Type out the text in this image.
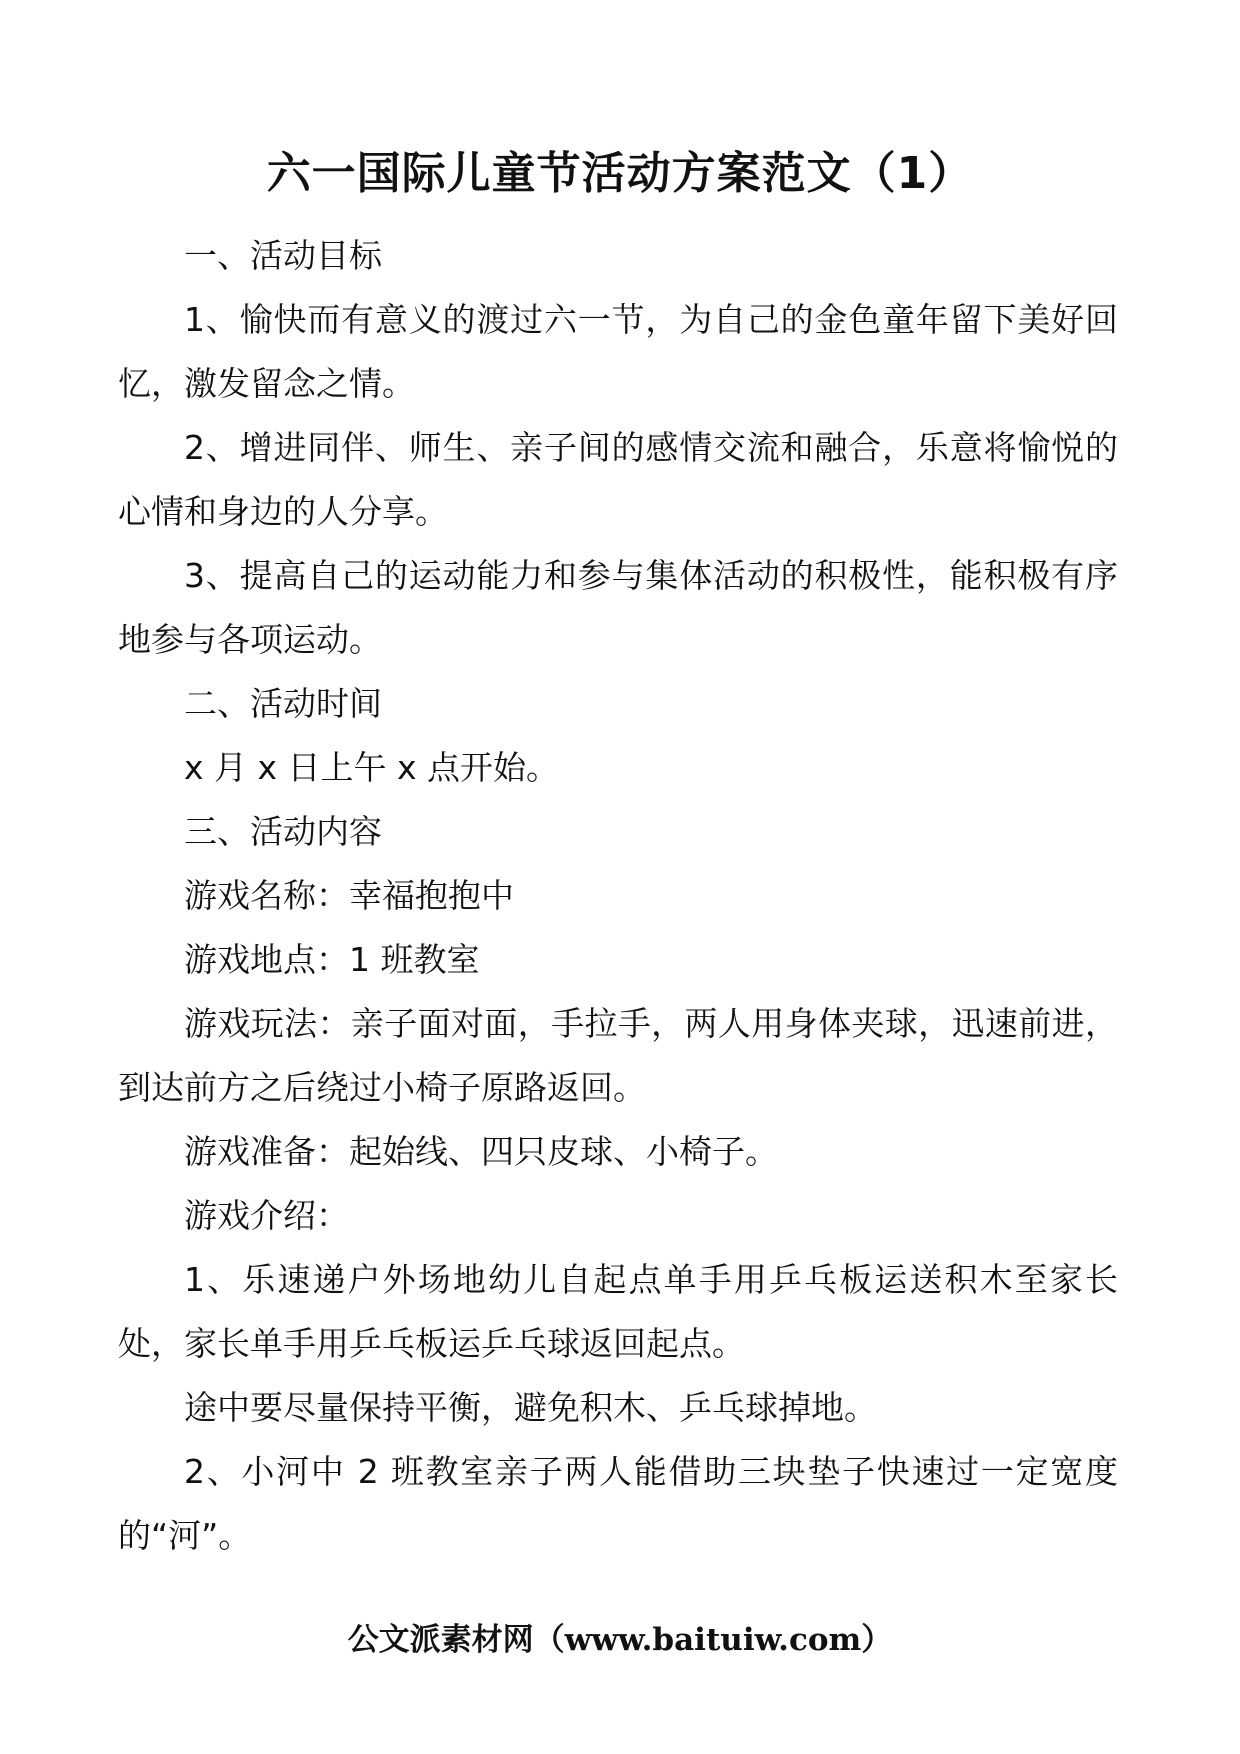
六一国际儿童节活动方案范文（1）

一、活动目标

1、愉快而有意义的渡过六一节，为自己的金色童年留下美好回忆，激发留念之情。

2、增进同伴、师生、亲子间的感情交流和融合，乐意将愉悦的心情和身边的人分享。

3、提高自己的运动能力和参与集体活动的积极性，能积极有序地参与各项运动。

二、活动时间

x 月 x 日上午 x 点开始。

三、活动内容

游戏名称：幸福抱抱中

游戏地点：1 班教室

游戏玩法：亲子面对面，手拉手，两人用身体夹球，迅速前进，到达前方之后绕过小椅子原路返回。

游戏准备：起始线、四只皮球、小椅子。

游戏介绍：

1、乐速递户外场地幼儿自起点单手用乒乓板运送积木至家长处，家长单手用乒乓板运乒乓球返回起点。

途中要尽量保持平衡，避免积木、乒乓球掉地。

2、小河中 2 班教室亲子两人能借助三块垫子快速过一定宽度的“河”。

公文派素材网（www.baituiw.com）
